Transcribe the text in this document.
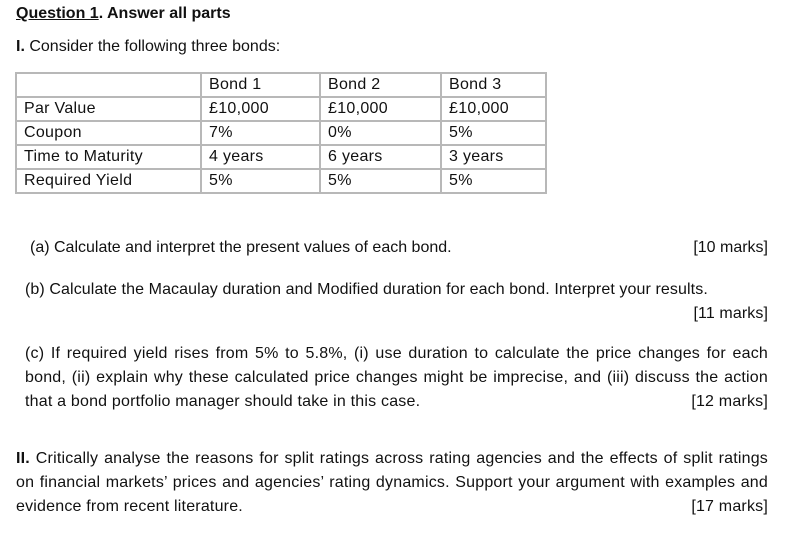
Question 1. Answer all parts
I. Consider the following three bonds:
	Bond 1	Bond 2	Bond 3
Par Value	£10,000	£10,000	£10,000
Coupon	7%	0%	5%
Time to Maturity	4 years	6 years	3 years
Required Yield	5%	5%	5%
(a) Calculate and interpret the present values of each bond.	[10 marks]
(b) Calculate the Macaulay duration and Modified duration for each bond. Interpret your results.
[11 marks]
(c) If required yield rises from 5% to 5.8%, (i) use duration to calculate the price changes for each bond, (ii) explain why these calculated price changes might be imprecise, and (iii) discuss the action that a bond portfolio manager should take in this case.	[12 marks]
II. Critically analyse the reasons for split ratings across rating agencies and the effects of split ratings on financial markets’ prices and agencies’ rating dynamics. Support your argument with examples and evidence from recent literature.	[17 marks]
